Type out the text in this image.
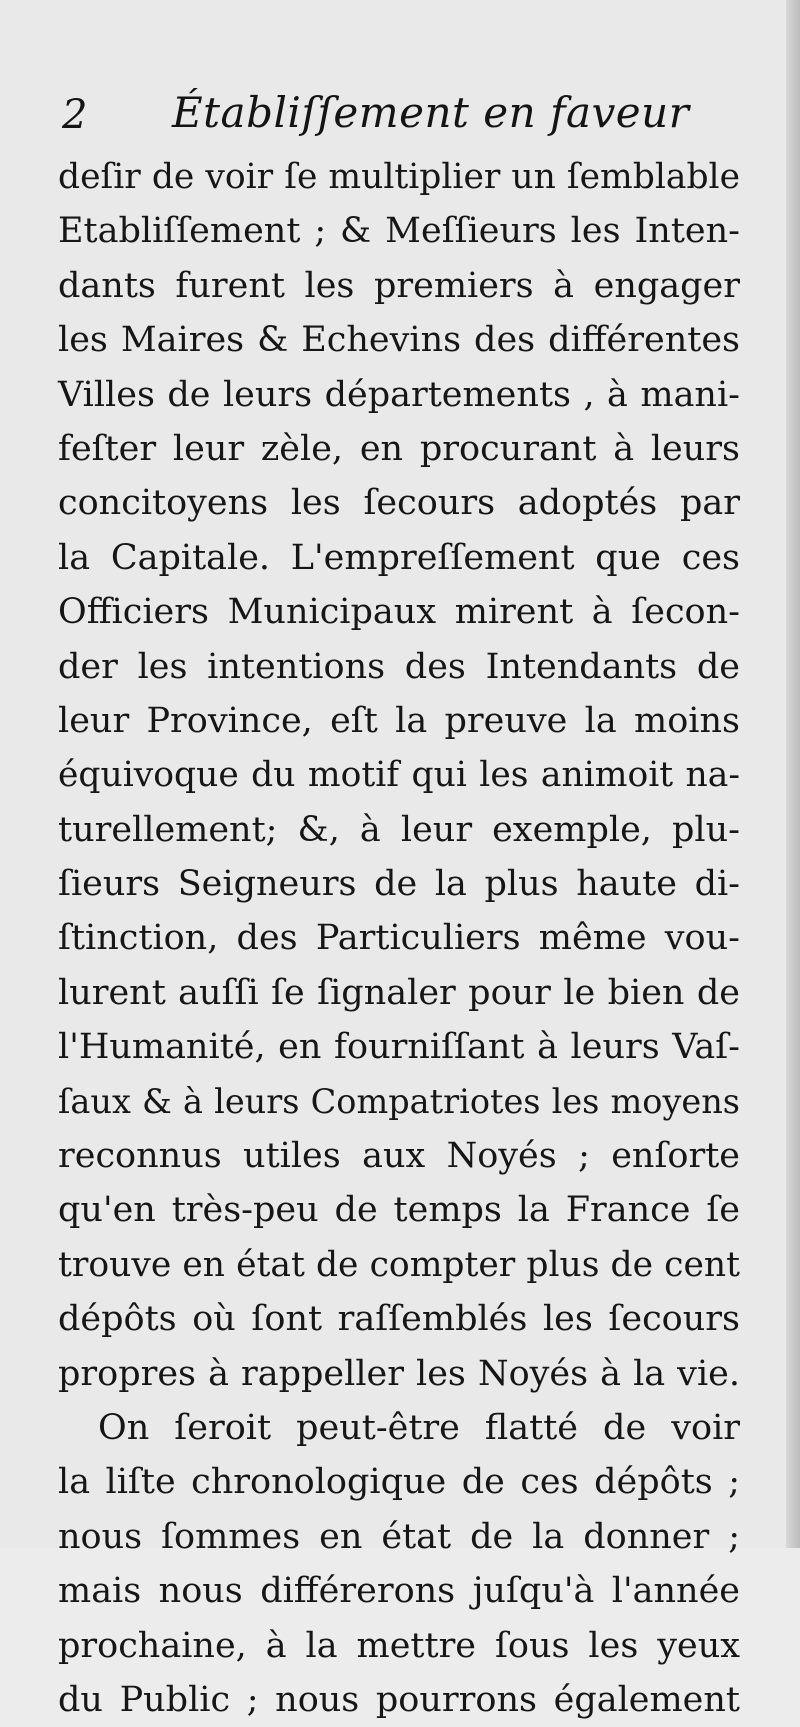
2 Établiſſement en faveur
deſir de voir ſe multiplier un ſemblable
Etabliſſement ; & Meſſieurs les Inten-
dants furent les premiers à engager
les Maires & Echevins des différentes
Villes de leurs départements , à mani-
feſter leur zèle, en procurant à leurs
concitoyens les ſecours adoptés par
la Capitale. L'empreſſement que ces
Officiers Municipaux mirent à ſecon-
der les intentions des Intendants de
leur Province, eſt la preuve la moins
équivoque du motif qui les animoit na-
turellement; &, à leur exemple, plu-
ſieurs Seigneurs de la plus haute di-
ſtinction, des Particuliers même vou-
lurent auſſi ſe ſignaler pour le bien de
l'Humanité, en fourniſſant à leurs Vaſ-
ſaux & à leurs Compatriotes les moyens
reconnus utiles aux Noyés ; enſorte
qu'en très-peu de temps la France ſe
trouve en état de compter plus de cent
dépôts où ſont raſſemblés les ſecours
propres à rappeller les Noyés à la vie.
On ſeroit peut-être flatté de voir
la liſte chronologique de ces dépôts ;
nous ſommes en état de la donner ;
mais nous différerons juſqu'à l'année
prochaine, à la mettre ſous les yeux
du Public ; nous pourrons également
